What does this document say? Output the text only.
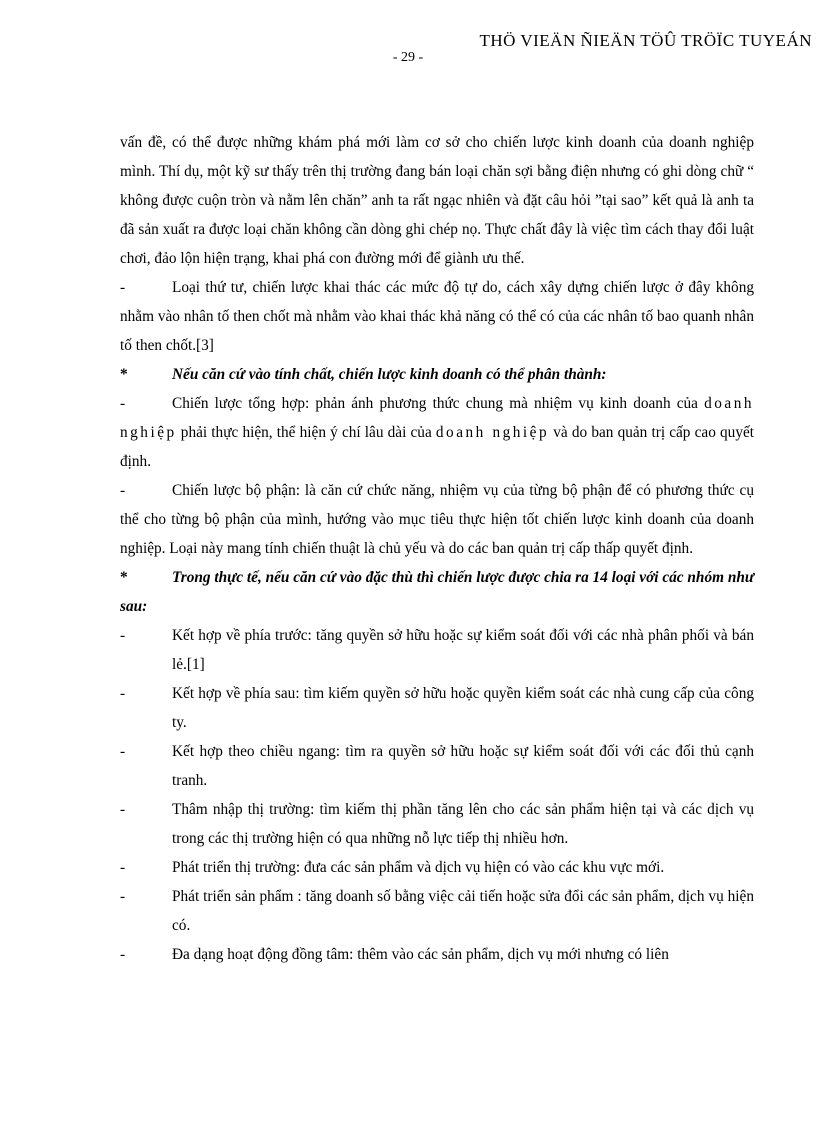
THÖ VIEÄN ÑIEÄN TÖÛ TRÖÏC TUYEÁN
- 29 -

vấn đề, có thể được những khám phá mới làm cơ sở cho chiến lược kinh doanh của doanh nghiệp mình. Thí dụ, một kỹ sư thấy trên thị trường đang bán loại chăn sợi bằng điện nhưng có ghi dòng chữ “ không được cuộn tròn và nằm lên chăn” anh ta rất ngạc nhiên và đặt câu hỏi ”tại sao” kết quả là anh ta đã sản xuất ra được loại chăn không cần dòng ghi chép nọ. Thực chất đây là việc tìm cách thay đổi luật chơi, đảo lộn hiện trạng, khai phá con đường mới để giành ưu thế.

-	Loại thứ tư, chiến lược khai thác các mức độ tự do, cách xây dựng chiến lược ở đây không nhằm vào nhân tố then chốt mà nhằm vào khai thác khả năng có thể có của các nhân tố bao quanh nhân tố then chốt.[3]

*	Nếu căn cứ vào tính chất, chiến lược kinh doanh có thể phân thành:

-	Chiến lược tổng hợp: phản ánh phương thức chung mà nhiệm vụ kinh doanh của doanh nghiệp phải thực hiện, thể hiện ý chí lâu dài của doanh nghiệp và do ban quản trị cấp cao quyết định.

-	Chiến lược bộ phận: là căn cứ chức năng, nhiệm vụ của từng bộ phận để có phương thức cụ thể cho từng bộ phận của mình, hướng vào mục tiêu thực hiện tốt chiến lược kinh doanh của doanh nghiệp. Loại này mang tính chiến thuật là chủ yếu và do các ban quản trị cấp thấp quyết định.

*	Trong thực tế, nếu căn cứ vào đặc thù thì chiến lược được chia ra 14 loại với các nhóm như sau:

-	Kết hợp về phía trước: tăng quyền sở hữu hoặc sự kiểm soát đối với các nhà phân phối và bán lẻ.[1]
-	Kết hợp về phía sau: tìm kiếm quyền sở hữu hoặc quyền kiểm soát các nhà cung cấp của công ty.
-	Kết hợp theo chiều ngang: tìm ra quyền sở hữu hoặc sự kiểm soát đối với các đối thủ cạnh tranh.
-	Thâm nhập thị trường: tìm kiếm thị phần tăng lên cho các sản phẩm hiện tại và các dịch vụ trong các thị trường hiện có qua những nỗ lực tiếp thị nhiều hơn.
-	Phát triển thị trường: đưa các sản phẩm và dịch vụ hiện có vào các khu vực mới.
-	Phát triển sản phẩm : tăng doanh số bằng việc cải tiến hoặc sửa đổi các sản phẩm, dịch vụ hiện có.
-	Đa dạng hoạt động đồng tâm: thêm vào các sản phẩm, dịch vụ mới nhưng có liên
